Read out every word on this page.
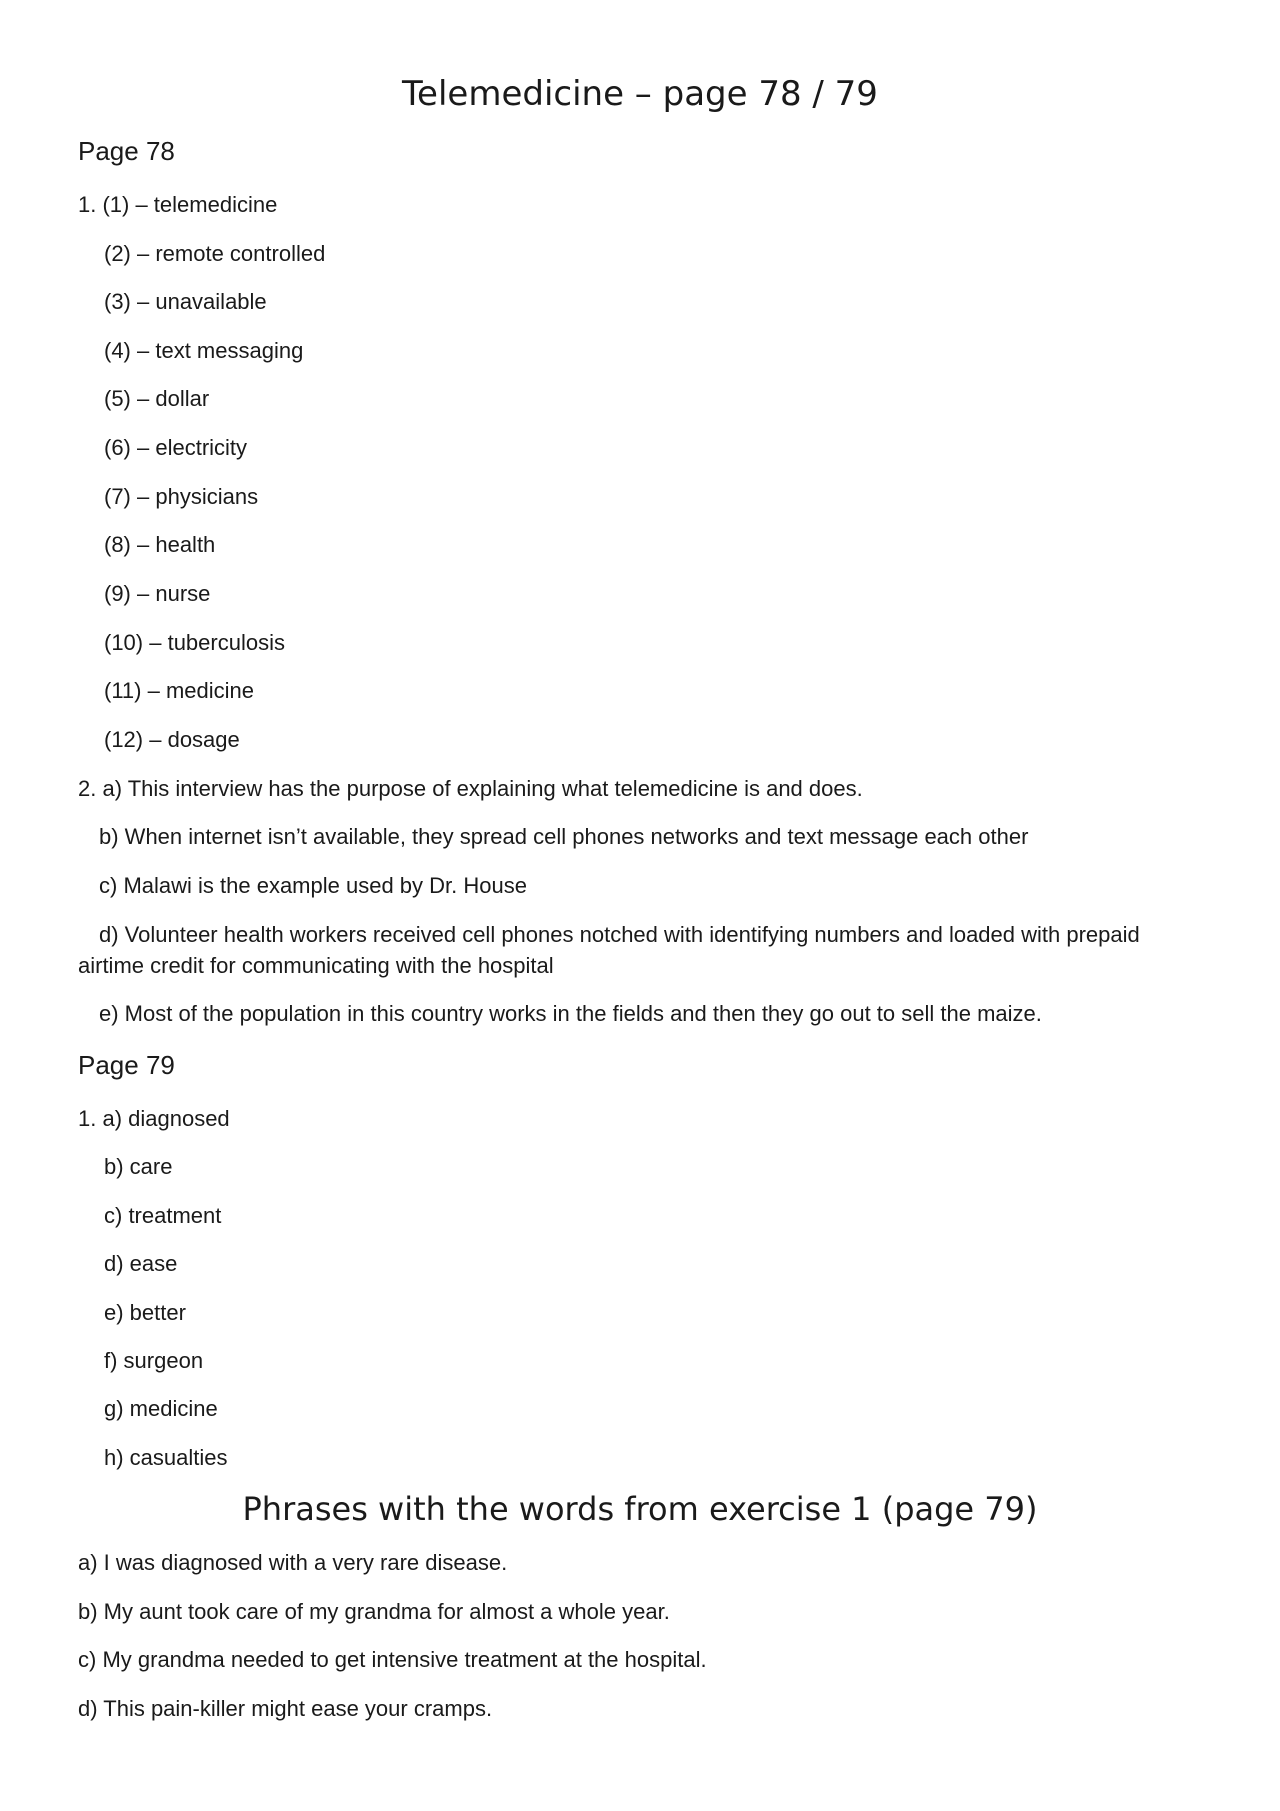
Telemedicine – page 78 / 79
Page 78
1. (1) – telemedicine
(2) – remote controlled
(3) – unavailable
(4) – text messaging
(5) – dollar
(6) – electricity
(7) – physicians
(8) – health
(9) – nurse
(10) – tuberculosis
(11) – medicine
(12) – dosage
2. a) This interview has the purpose of explaining what telemedicine is and does.
b) When internet isn’t available, they spread cell phones networks and text message each other
c) Malawi is the example used by Dr. House
d) Volunteer health workers received cell phones notched with identifying numbers and loaded with prepaid
airtime credit for communicating with the hospital
e) Most of the population in this country works in the fields and then they go out to sell the maize.
Page 79
1. a) diagnosed
b) care
c) treatment
d) ease
e) better
f) surgeon
g) medicine
h) casualties
Phrases with the words from exercise 1 (page 79)
a) I was diagnosed with a very rare disease.
b) My aunt took care of my grandma for almost a whole year.
c) My grandma needed to get intensive treatment at the hospital.
d) This pain-killer might ease your cramps.
